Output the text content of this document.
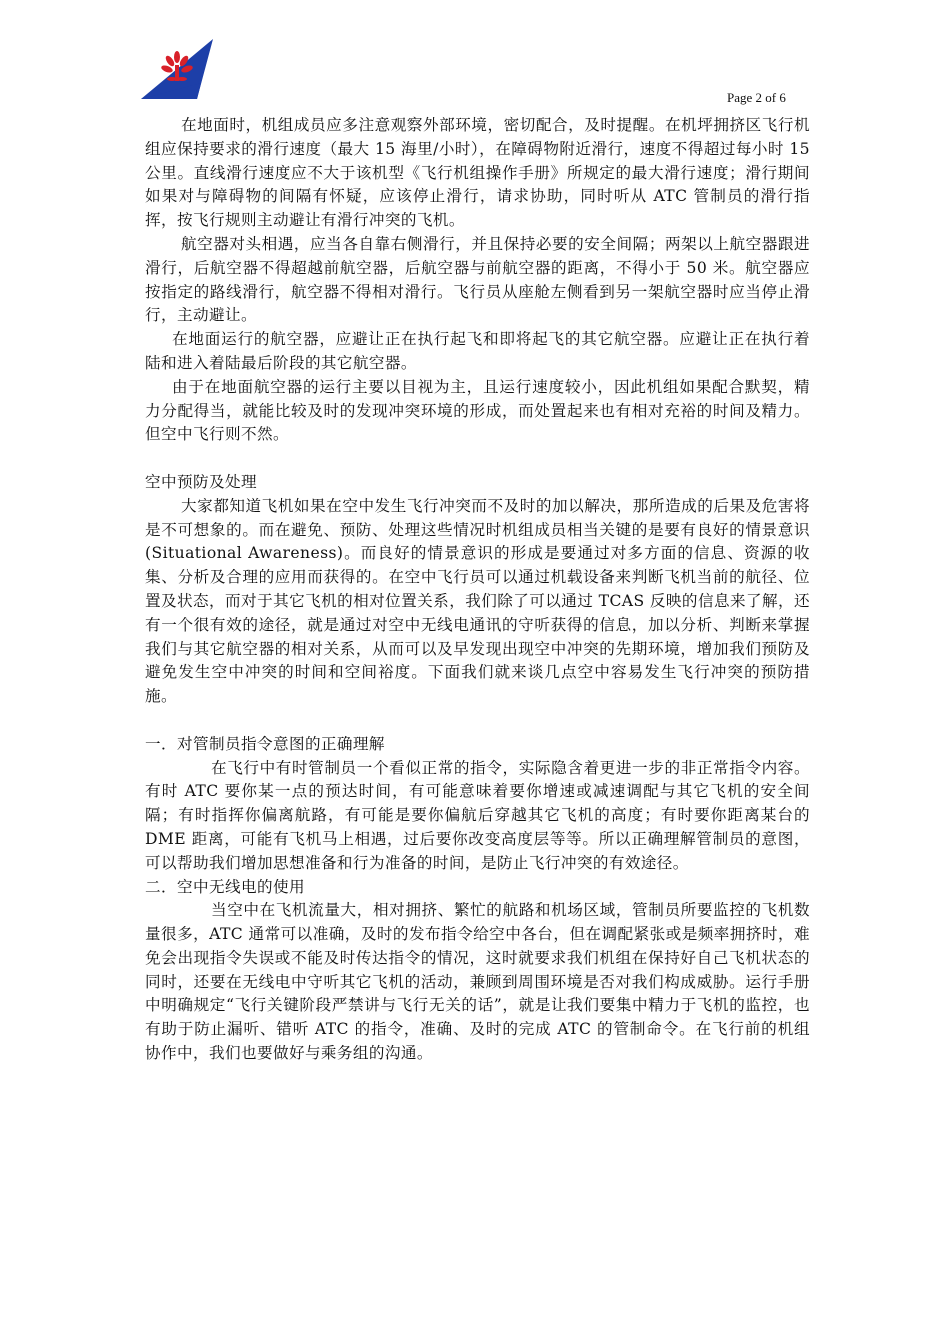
Page 2 of 6

在地面时，机组成员应多注意观察外部环境，密切配合，及时提醒。在机坪拥挤区飞行机组应保持要求的滑行速度（最大 15 海里/小时），在障碍物附近滑行，速度不得超过每小时 15 公里。直线滑行速度应不大于该机型《飞行机组操作手册》所规定的最大滑行速度；滑行期间如果对与障碍物的间隔有怀疑，应该停止滑行，请求协助，同时听从 ATC 管制员的滑行指挥，按飞行规则主动避让有滑行冲突的飞机。

航空器对头相遇，应当各自靠右侧滑行，并且保持必要的安全间隔；两架以上航空器跟进滑行，后航空器不得超越前航空器，后航空器与前航空器的距离，不得小于 50 米。航空器应按指定的路线滑行，航空器不得相对滑行。飞行员从座舱左侧看到另一架航空器时应当停止滑行，主动避让。

在地面运行的航空器，应避让正在执行起飞和即将起飞的其它航空器。应避让正在执行着陆和进入着陆最后阶段的其它航空器。

由于在地面航空器的运行主要以目视为主，且运行速度较小，因此机组如果配合默契，精力分配得当，就能比较及时的发现冲突环境的形成，而处置起来也有相对充裕的时间及精力。但空中飞行则不然。

空中预防及处理

大家都知道飞机如果在空中发生飞行冲突而不及时的加以解决，那所造成的后果及危害将是不可想象的。而在避免、预防、处理这些情况时机组成员相当关键的是要有良好的情景意识(Situational Awareness)。而良好的情景意识的形成是要通过对多方面的信息、资源的收集、分析及合理的应用而获得的。在空中飞行员可以通过机载设备来判断飞机当前的航径、位置及状态，而对于其它飞机的相对位置关系，我们除了可以通过 TCAS 反映的信息来了解，还有一个很有效的途径，就是通过对空中无线电通讯的守听获得的信息，加以分析、判断来掌握我们与其它航空器的相对关系，从而可以及早发现出现空中冲突的先期环境，增加我们预防及避免发生空中冲突的时间和空间裕度。下面我们就来谈几点空中容易发生飞行冲突的预防措施。

一．对管制员指令意图的正确理解

在飞行中有时管制员一个看似正常的指令，实际隐含着更进一步的非正常指令内容。有时 ATC 要你某一点的预达时间，有可能意味着要你增速或减速调配与其它飞机的安全间隔；有时指挥你偏离航路，有可能是要你偏航后穿越其它飞机的高度；有时要你距离某台的 DME 距离，可能有飞机马上相遇，过后要你改变高度层等等。所以正确理解管制员的意图，可以帮助我们增加思想准备和行为准备的时间，是防止飞行冲突的有效途径。

二．空中无线电的使用

当空中在飞机流量大，相对拥挤、繁忙的航路和机场区域，管制员所要监控的飞机数量很多，ATC 通常可以准确，及时的发布指令给空中各台，但在调配紧张或是频率拥挤时，难免会出现指令失误或不能及时传达指令的情况，这时就要求我们机组在保持好自己飞机状态的同时，还要在无线电中守听其它飞机的活动，兼顾到周围环境是否对我们构成威胁。运行手册中明确规定“飞行关键阶段严禁讲与飞行无关的话”，就是让我们要集中精力于飞机的监控，也有助于防止漏听、错听 ATC 的指令，准确、及时的完成 ATC 的管制命令。在飞行前的机组协作中，我们也要做好与乘务组的沟通。
